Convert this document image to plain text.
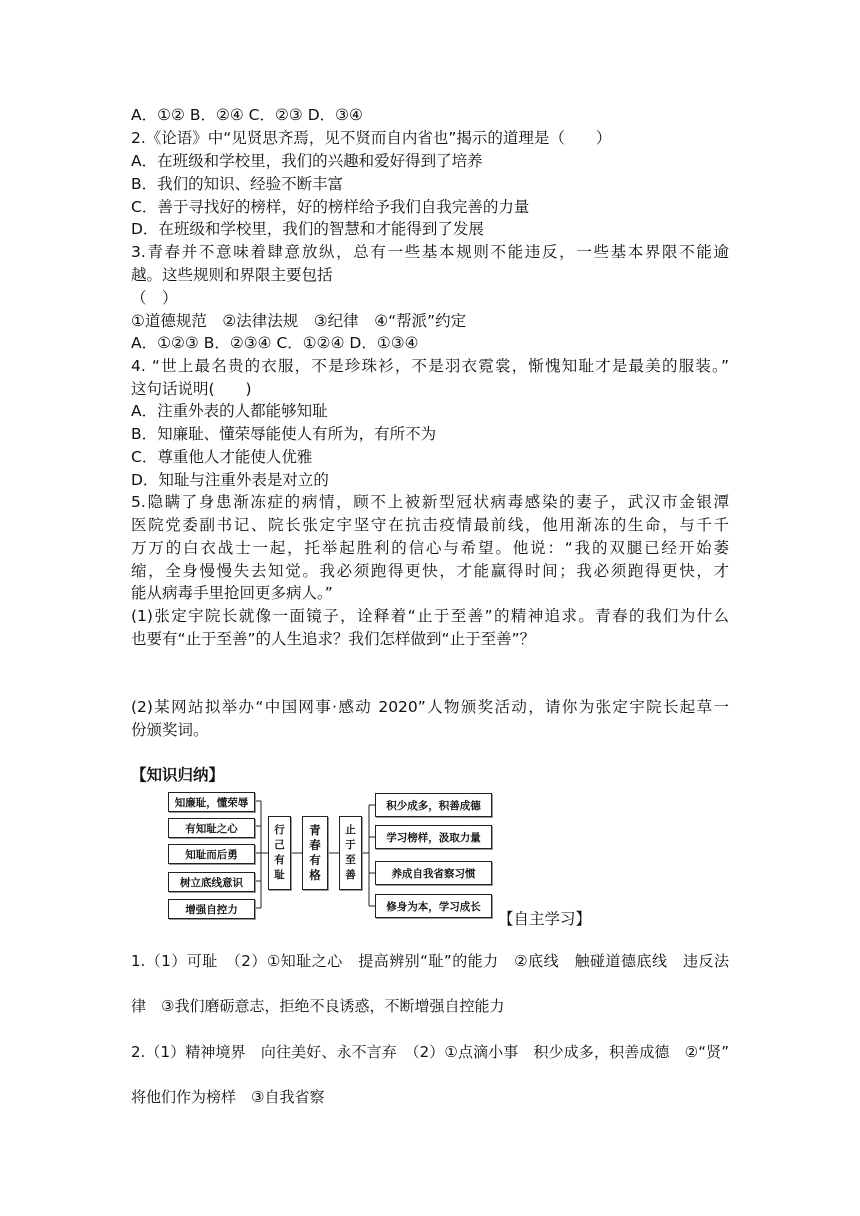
A．①② B．②④ C．②③ D．③④
2.《论语》中“见贤思齐焉，见不贤而自内省也”揭示的道理是（　　）
A．在班级和学校里，我们的兴趣和爱好得到了培养
B．我们的知识、经验不断丰富
C．善于寻找好的榜样，好的榜样给予我们自我完善的力量
D．在班级和学校里，我们的智慧和才能得到了发展
3.青春并不意味着肆意放纵，总有一些基本规则不能违反，一些基本界限不能逾
越。这些规则和界限主要包括
（　）
①道德规范　②法律法规　③纪律　④“帮派”约定
A．①②③ B．②③④ C．①②④ D．①③④
4. “世上最名贵的衣服，不是珍珠衫，不是羽衣霓裳，惭愧知耻才是最美的服装。”
这句话说明(　　)
A．注重外表的人都能够知耻
B．知廉耻、懂荣辱能使人有所为，有所不为
C．尊重他人才能使人优雅
D．知耻与注重外表是对立的
5.隐瞒了身患渐冻症的病情，顾不上被新型冠状病毒感染的妻子，武汉市金银潭
医院党委副书记、院长张定宇坚守在抗击疫情最前线，他用渐冻的生命，与千千
万万的白衣战士一起，托举起胜利的信心与希望。他说：“我的双腿已经开始萎
缩，全身慢慢失去知觉。我必须跑得更快，才能赢得时间；我必须跑得更快，才
能从病毒手里抢回更多病人。”
(1)张定宇院长就像一面镜子，诠释着“止于至善”的精神追求。青春的我们为什么
也要有“止于至善”的人生追求？我们怎样做到“止于至善”？
(2)某网站拟举办“中国网事·感动 2020”人物颁奖活动，请你为张定宇院长起草一
份颁奖词。
【知识归纳】
知廉耻，懂荣辱
有知耻之心
知耻而后勇
树立底线意识
增强自控力
行
己
有
耻
青
春
有
格
止
于
至
善
积少成多，积善成德
学习榜样，汲取力量
养成自我省察习惯
修身为本，学习成长
【自主学习】
1.（1）可耻　（2）①知耻之心　提高辨别“耻”的能力　②底线　触碰道德底线　违反法
律　③我们磨砺意志，拒绝不良诱惑，不断增强自控能力
2.（1）精神境界　向往美好、永不言弃　（2）①点滴小事　积少成多，积善成德　②“贤”
将他们作为榜样　③自我省察
